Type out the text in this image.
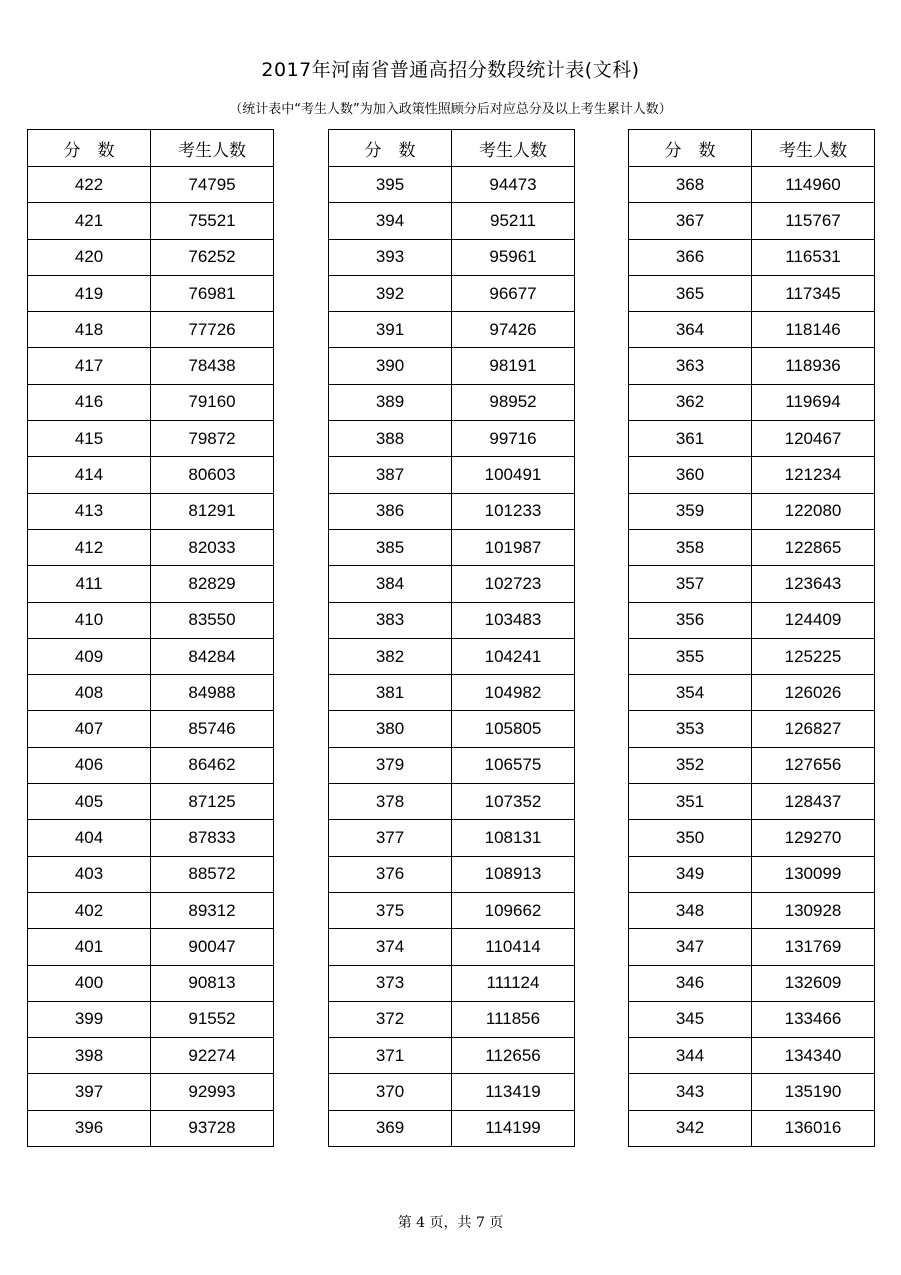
2017年河南省普通高招分数段统计表(文科)
（统计表中“考生人数”为加入政策性照顾分后对应总分及以上考生累计人数）
分　数	考生人数
422	74795
421	75521
420	76252
419	76981
418	77726
417	78438
416	79160
415	79872
414	80603
413	81291
412	82033
411	82829
410	83550
409	84284
408	84988
407	85746
406	86462
405	87125
404	87833
403	88572
402	89312
401	90047
400	90813
399	91552
398	92274
397	92993
396	93728
分　数	考生人数
395	94473
394	95211
393	95961
392	96677
391	97426
390	98191
389	98952
388	99716
387	100491
386	101233
385	101987
384	102723
383	103483
382	104241
381	104982
380	105805
379	106575
378	107352
377	108131
376	108913
375	109662
374	110414
373	111124
372	111856
371	112656
370	113419
369	114199
分　数	考生人数
368	114960
367	115767
366	116531
365	117345
364	118146
363	118936
362	119694
361	120467
360	121234
359	122080
358	122865
357	123643
356	124409
355	125225
354	126026
353	126827
352	127656
351	128437
350	129270
349	130099
348	130928
347	131769
346	132609
345	133466
344	134340
343	135190
342	136016
第 4 页，共 7 页
